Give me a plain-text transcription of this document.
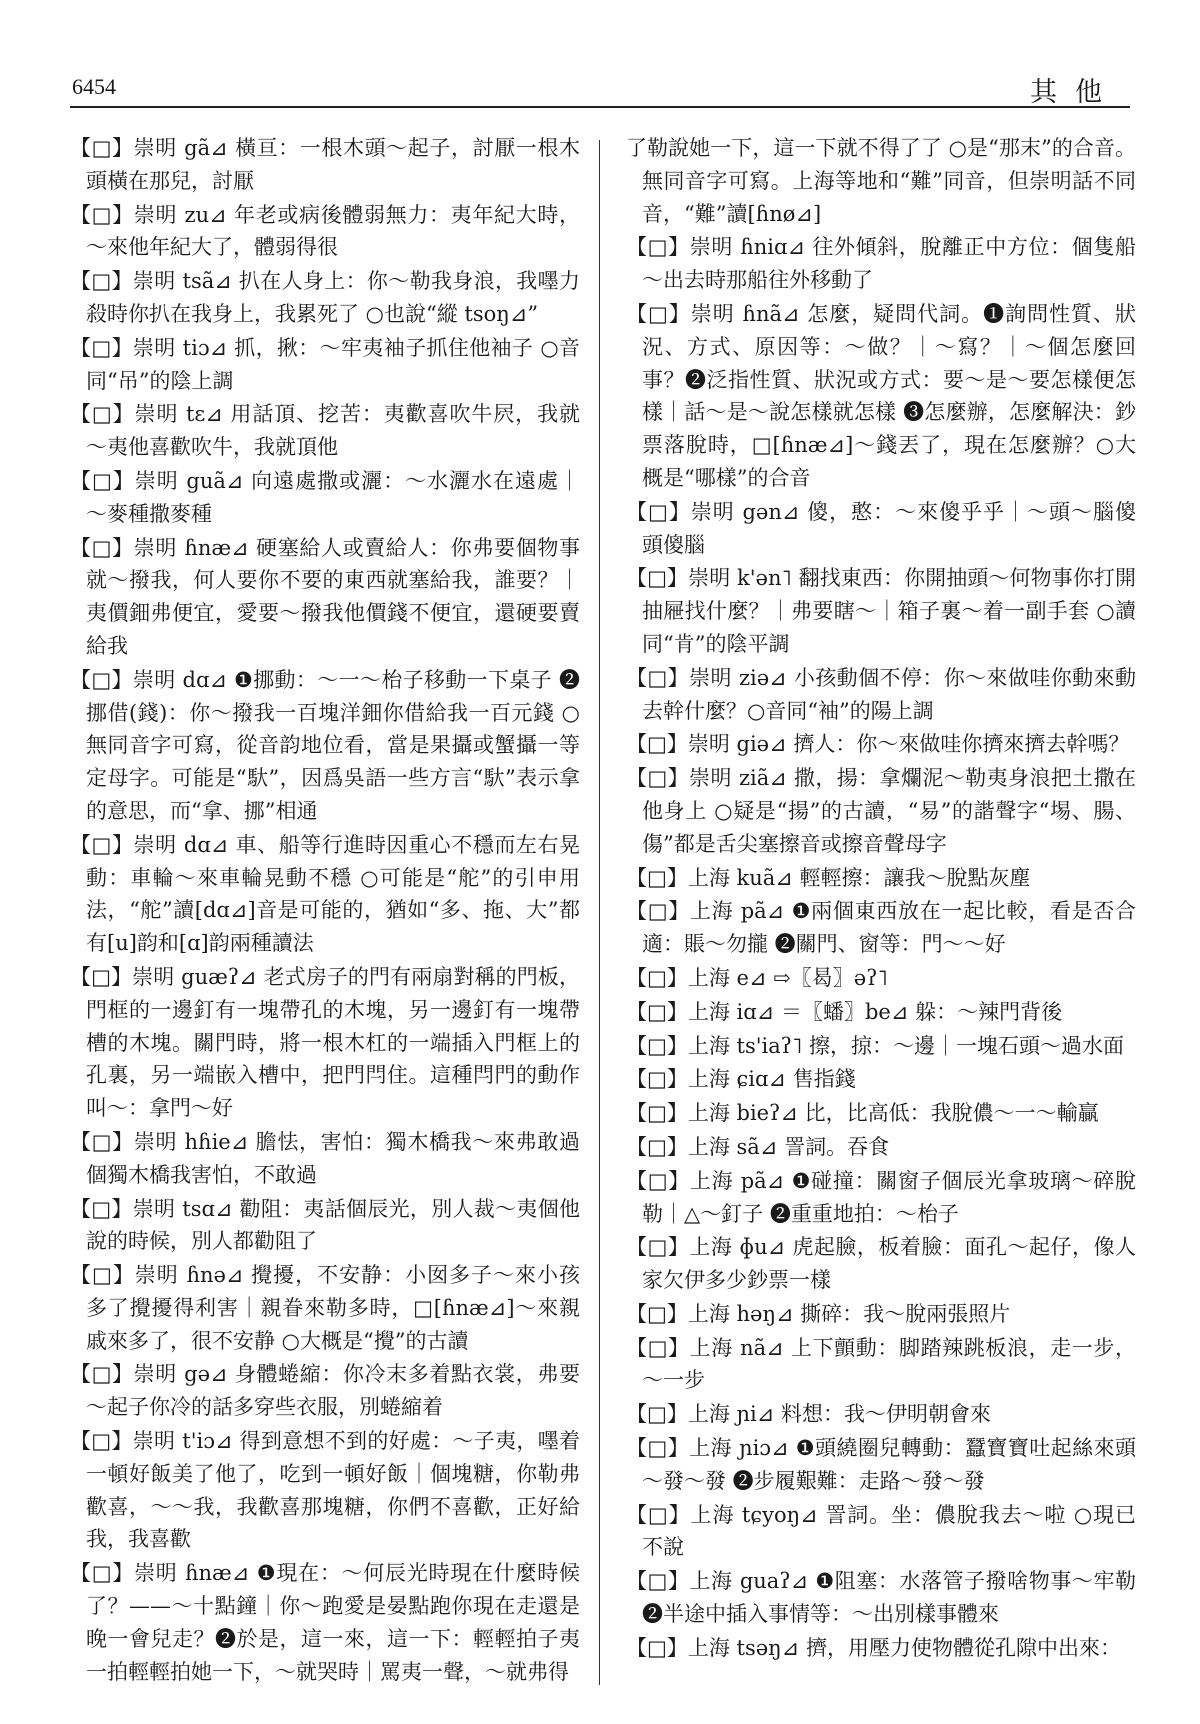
6454	其他

【□】崇明 gã⊿ 橫亘：一根木頭～起子，討厭一根木頭橫在那兒，討厭

【□】崇明 zu⊿ 年老或病後體弱無力：夷年紀大時，～來他年紀大了，體弱得很

【□】崇明 tsã⊿ 扒在人身上：你～勒我身浪，我嚜力殺時你扒在我身上，我累死了 ○也說“縱 tsoŋ⊿”

【□】崇明 tiɔ⊿ 抓，揪：～牢夷袖子抓住他袖子 ○音同“吊”的陰上調

【□】崇明 tɛ⊿ 用話頂、挖苦：夷歡喜吹牛屄，我就～夷他喜歡吹牛，我就頂他

【□】崇明 guã⊿ 向遠處撒或灑：～水灑水在遠處｜～麥種撒麥種

【□】崇明 ɦnæ⊿ 硬塞給人或賣給人：你弗要個物事就～撥我，何人要你不要的東西就塞給我，誰要？｜夷價鈿弗便宜，愛要～撥我他價錢不便宜，還硬要賣給我

【□】崇明 dɑ⊿ ❶挪動：～一～枱子移動一下桌子 ❷挪借(錢)：你～撥我一百塊洋鈿你借給我一百元錢 ○無同音字可寫，從音韵地位看，當是果攝或蟹攝一等定母字。可能是“馱”，因爲吳語一些方言“馱”表示拿的意思，而“拿、挪”相通

【□】崇明 dɑ⊿ 車、船等行進時因重心不穩而左右晃動：車輪～來車輪晃動不穩 ○可能是“舵”的引申用法，“舵”讀[dɑ⊿]音是可能的，猶如“多、拖、大”都有[u]韵和[ɑ]韵兩種讀法

【□】崇明 guæʔ⊿ 老式房子的門有兩扇對稱的門板，門框的一邊釘有一塊帶孔的木塊，另一邊釘有一塊帶槽的木塊。關門時，將一根木杠的一端插入門框上的孔裏，另一端嵌入槽中，把門閂住。這種閂門的動作叫～：拿門～好

【□】崇明 hɦie⊿ 膽怯，害怕：獨木橋我～來弗敢過個獨木橋我害怕，不敢過

【□】崇明 tsɑ⊿ 勸阻：夷話個辰光，別人裁～夷個他說的時候，別人都勸阻了

【□】崇明 ɦnə⊿ 攪擾，不安静：小囡多子～來小孩多了攪擾得利害｜親眷來勒多時，□[ɦnæ⊿]～來親戚來多了，很不安静 ○大概是“攪”的古讀

【□】崇明 gə⊿ 身體蜷縮：你冷末多着點衣裳，弗要～起子你冷的話多穿些衣服，別蜷縮着

【□】崇明 t'iɔ⊿ 得到意想不到的好處：～子夷，嚜着一頓好飯美了他了，吃到一頓好飯｜個塊糖，你勒弗歡喜，～～我，我歡喜那塊糖，你們不喜歡，正好給我，我喜歡

【□】崇明 ɦnæ⊿ ❶現在：～何辰光時現在什麼時候了？——～十點鐘｜你～跑愛是晏點跑你現在走還是晚一會兒走？❷於是，這一來，這一下：輕輕拍子夷一拍輕輕拍她一下，～就哭時｜罵夷一聲，～就弗得

了勒說她一下，這一下就不得了了 ○是“那末”的合音。無同音字可寫。上海等地和“難”同音，但崇明話不同音，“難”讀[ɦnø⊿]

【□】崇明 ɦniɑ⊿ 往外傾斜，脫離正中方位：個隻船～出去時那船往外移動了

【□】崇明 ɦnã⊿ 怎麼，疑問代詞。❶詢問性質、狀況、方式、原因等：～做？｜～寫？｜～個怎麼回事？❷泛指性質、狀況或方式：要～是～要怎樣便怎樣｜話～是～說怎樣就怎樣 ❸怎麼辦，怎麼解決：鈔票落脫時，□[ɦnæ⊿]～錢丟了，現在怎麼辦？○大概是“哪樣”的合音

【□】崇明 gən⊿ 傻，憨：～來傻乎乎｜～頭～腦傻頭傻腦

【□】崇明 k'ən˥ 翻找東西：你開抽頭～何物事你打開抽屜找什麼？｜弗要瞎～｜箱子裏～着一副手套 ○讀同“肯”的陰平調

【□】崇明 ziə⊿ 小孩動個不停：你～來做哇你動來動去幹什麼？○音同“袖”的陽上調

【□】崇明 giə⊿ 擠人：你～來做哇你擠來擠去幹嗎？

【□】崇明 ziã⊿ 撒，揚：拿爛泥～勒夷身浪把土撒在他身上 ○疑是“揚”的古讀，“易”的諧聲字“埸、腸、傷”都是舌尖塞擦音或擦音聲母字

【□】上海 kuã⊿ 輕輕擦：讓我～脫點灰塵

【□】上海 pã⊿ ❶兩個東西放在一起比較，看是否合適：賬～勿攏 ❷關門、窗等：門～～好

【□】上海 e⊿ ⇨〖曷〗əʔ˥

【□】上海 iɑ⊿ ＝〖蟠〗be⊿ 躲：～辣門背後

【□】上海 ts'iaʔ˥ 擦，掠：～邊｜一塊石頭～過水面

【□】上海 ɕiɑ⊿ 售指錢

【□】上海 bieʔ⊿ 比，比高低：我脫儂～一～輸贏

【□】上海 sã⊿ 詈詞。吞食

【□】上海 pã⊿ ❶碰撞：關窗子個辰光拿玻璃～碎脫勒｜△～釘子 ❷重重地拍：～枱子

【□】上海 ɸu⊿ 虎起臉，板着臉：面孔～起仔，像人家欠伊多少鈔票一樣

【□】上海 həŋ⊿ 撕碎：我～脫兩張照片

【□】上海 nã⊿ 上下顫動：脚踏辣跳板浪，走一步，～一步

【□】上海 ɲi⊿ 料想：我～伊明朝會來

【□】上海 ɲiɔ⊿ ❶頭繞圈兒轉動：蠶寶寶吐起絲來頭～發～發 ❷步履艱難：走路～發～發

【□】上海 tɕyoŋ⊿ 詈詞。坐：儂脫我去～啦 ○現已不說

【□】上海 guaʔ⊿ ❶阻塞：水落管子撥啥物事～牢勒 ❷半途中插入事情等：～出別樣事體來

【□】上海 tsəŋ⊿ 擠，用壓力使物體從孔隙中出來：
